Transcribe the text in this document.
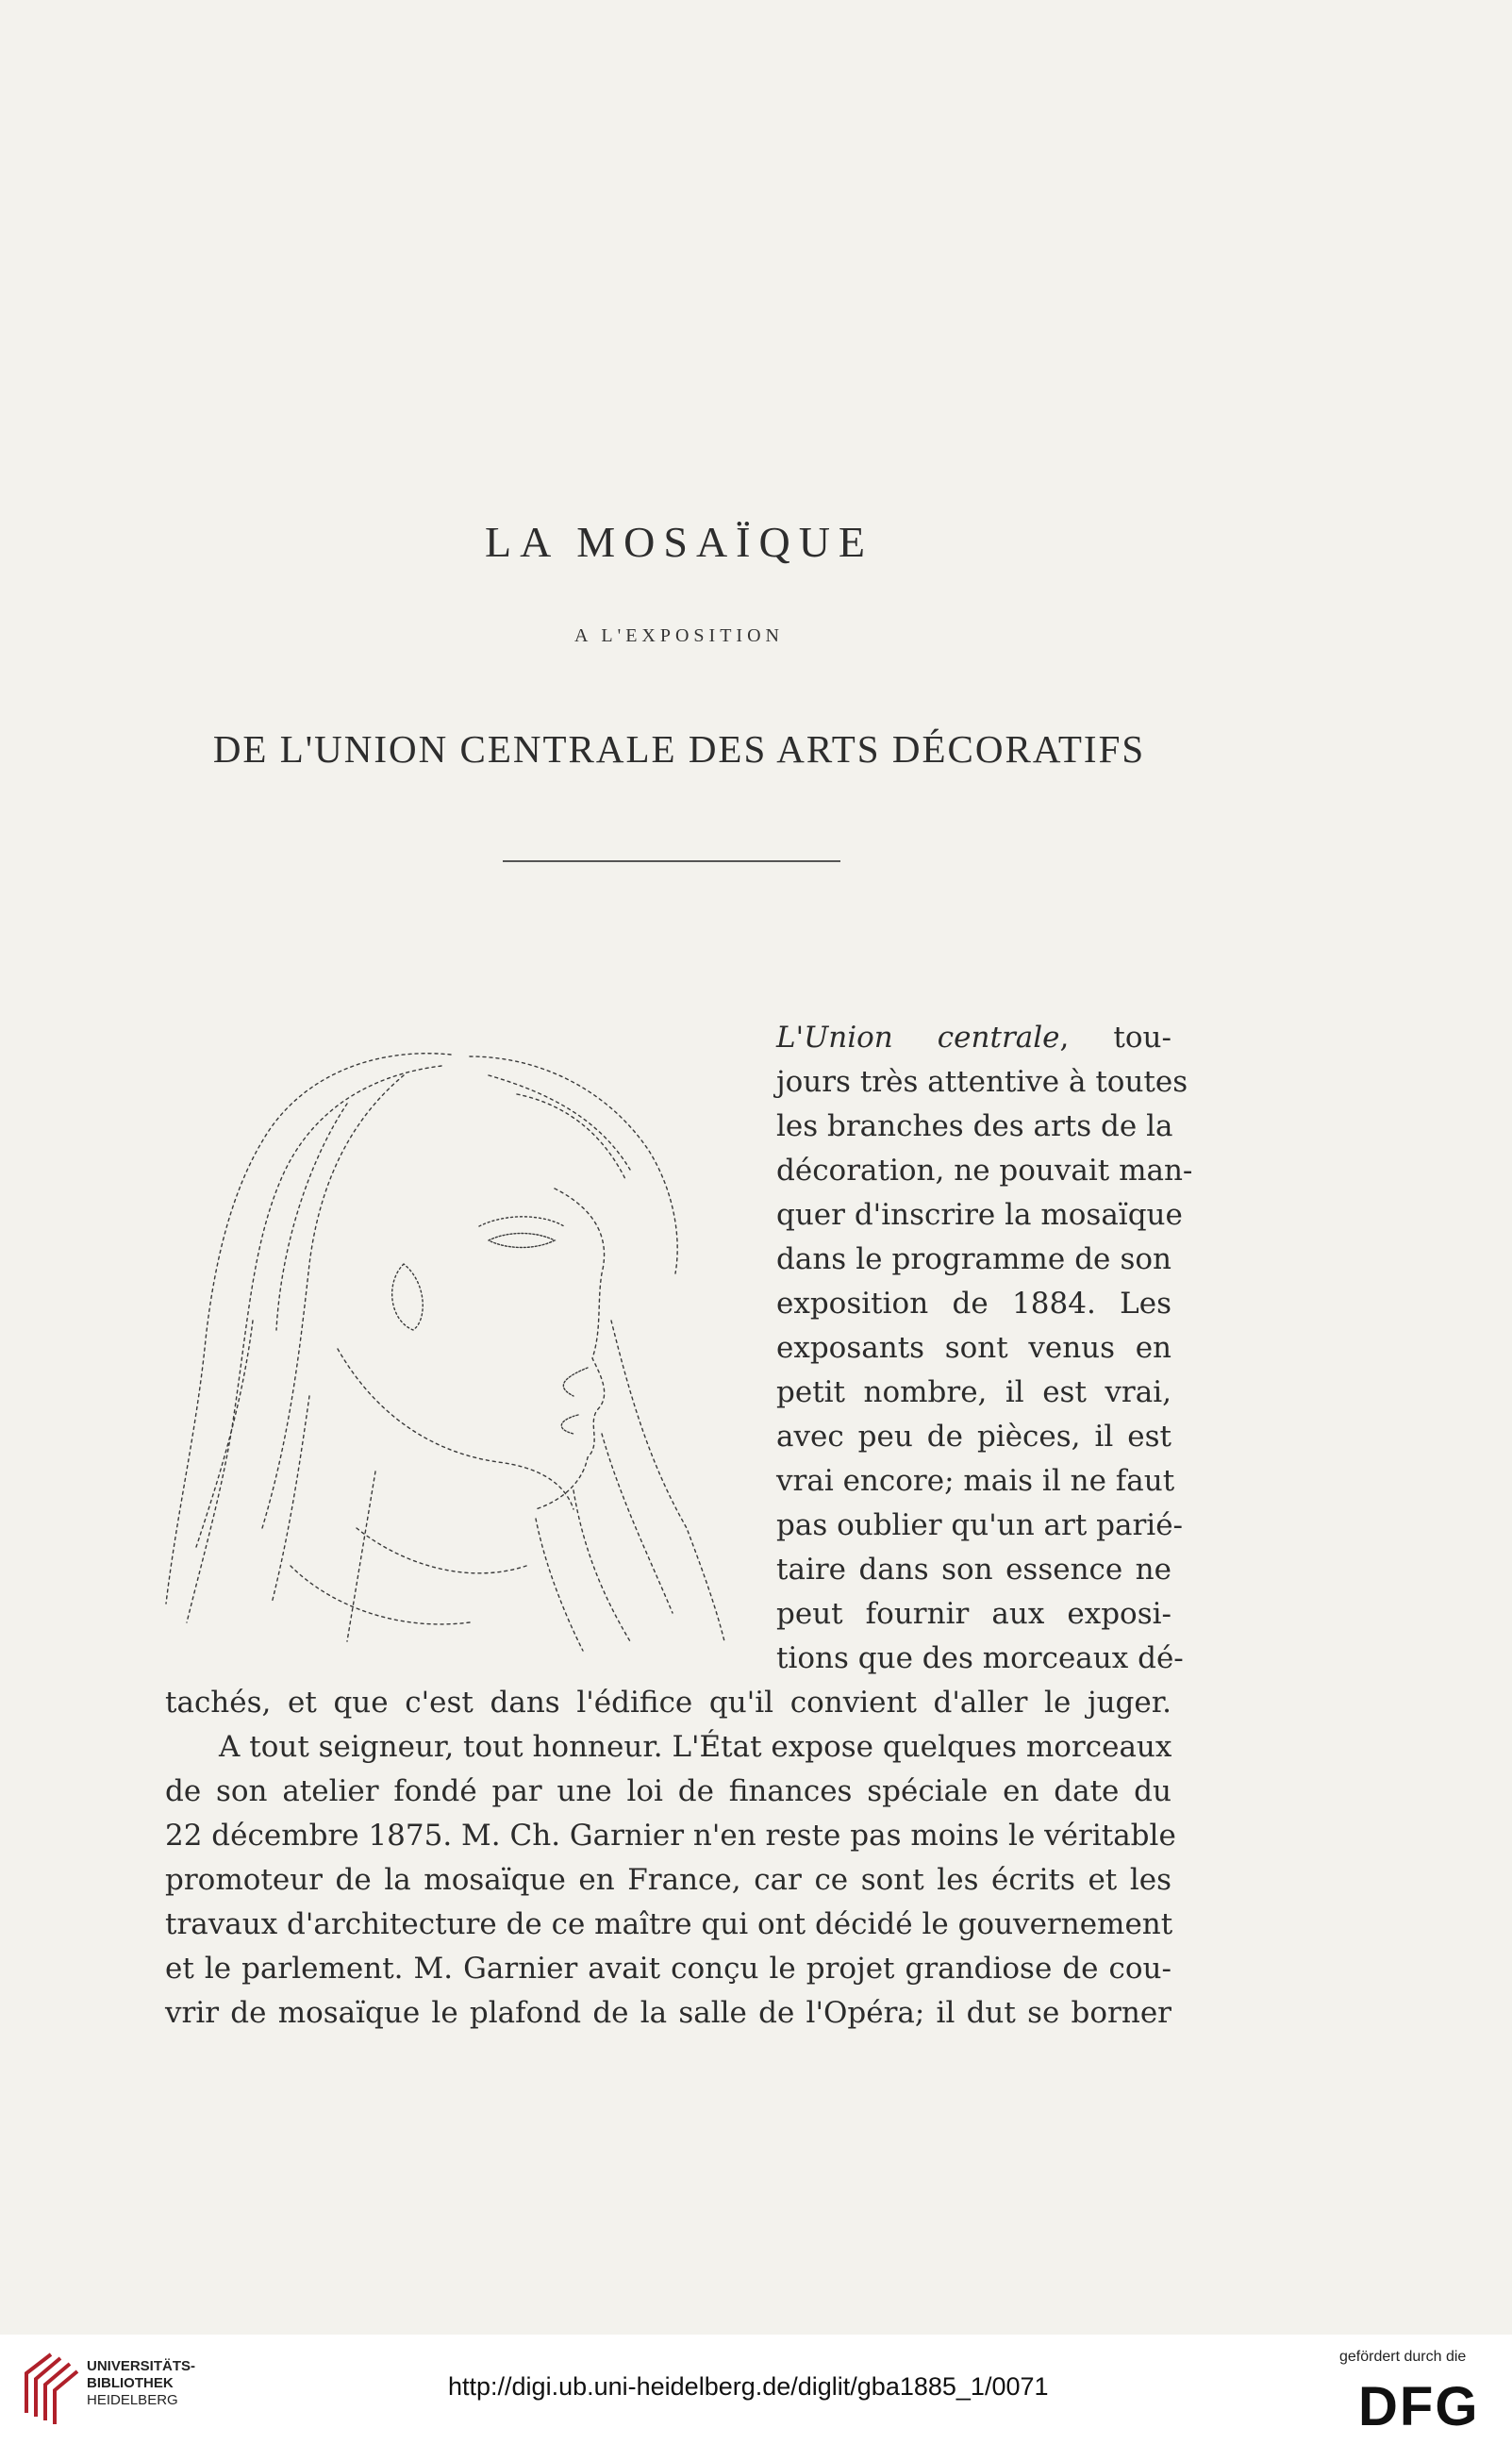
LA MOSAÏQUE
A L'EXPOSITION
DE L'UNION CENTRALE DES ARTS DÉCORATIFS
L'Union centrale, tou-
jours très attentive à toutes
les branches des arts de la
décoration, ne pouvait man-
quer d'inscrire la mosaïque
dans le programme de son
exposition de 1884. Les
exposants sont venus en
petit nombre, il est vrai,
avec peu de pièces, il est
vrai encore; mais il ne faut
pas oublier qu'un art parié-
taire dans son essence ne
peut fournir aux exposi-
tions que des morceaux dé-
tachés, et que c'est dans l'édifice qu'il convient d'aller le juger.
A tout seigneur, tout honneur. L'État expose quelques morceaux
de son atelier fondé par une loi de finances spéciale en date du
22 décembre 1875. M. Ch. Garnier n'en reste pas moins le véritable
promoteur de la mosaïque en France, car ce sont les écrits et les
travaux d'architecture de ce maître qui ont décidé le gouvernement
et le parlement. M. Garnier avait conçu le projet grandiose de cou-
vrir de mosaïque le plafond de la salle de l'Opéra; il dut se borner
UNIVERSITÄTS-
BIBLIOTHEK
HEIDELBERG	http://digi.ub.uni-heidelberg.de/diglit/gba1885_1/0071
gefördert durch die
DFG
